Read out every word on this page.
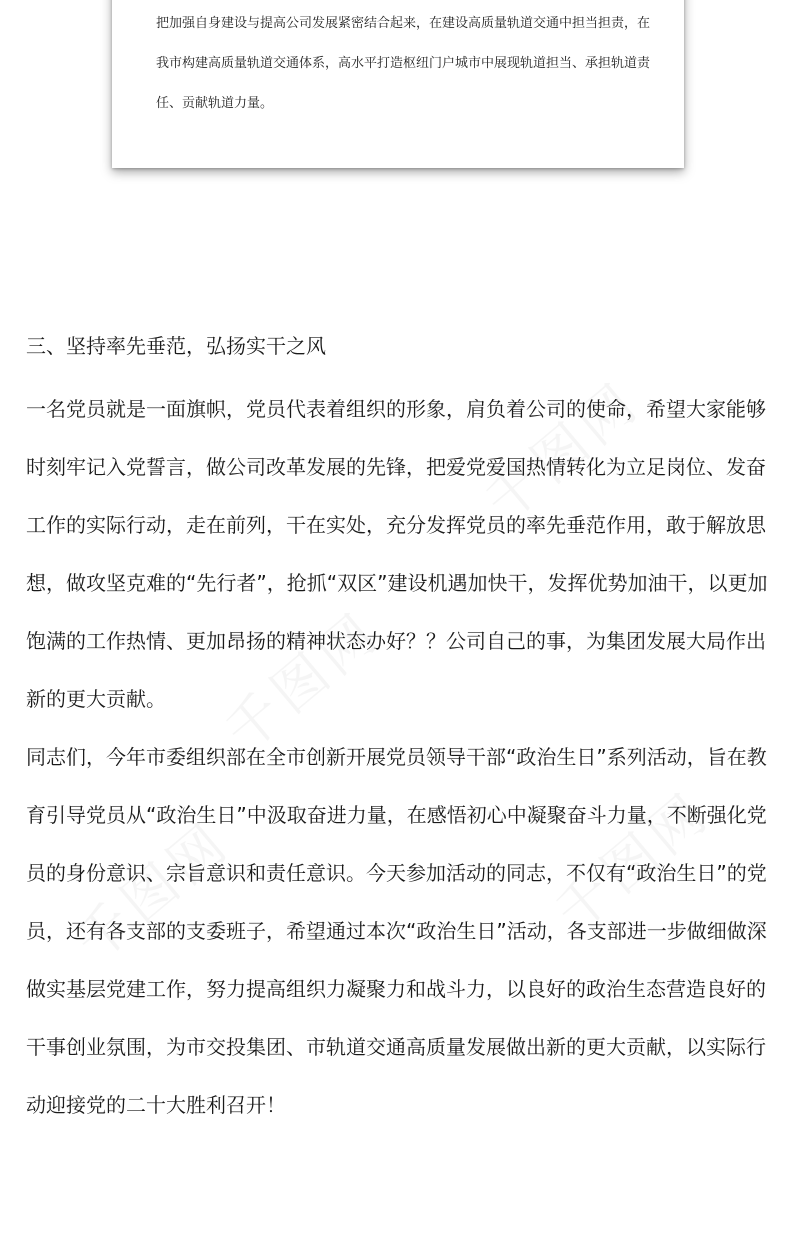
把加强自身建设与提高公司发展紧密结合起来，在建设高质量轨道交通中担当担责，在我市构建高质量轨道交通体系，高水平打造枢纽门户城市中展现轨道担当、承担轨道责任、贡献轨道力量。

千图网
千图网
千图网
千图网
三、坚持率先垂范，弘扬实干之风

一名党员就是一面旗帜，党员代表着组织的形象，肩负着公司的使命，希望大家能够时刻牢记入党誓言，做公司改革发展的先锋，把爱党爱国热情转化为立足岗位、发奋工作的实际行动，走在前列，干在实处，充分发挥党员的率先垂范作用，敢于解放思想，做攻坚克难的“先行者”，抢抓“双区”建设机遇加快干，发挥优势加油干，以更加饱满的工作热情、更加昂扬的精神状态办好？？公司自己的事，为集团发展大局作出新的更大贡献。

同志们，今年市委组织部在全市创新开展党员领导干部“政治生日”系列活动，旨在教育引导党员从“政治生日”中汲取奋进力量，在感悟初心中凝聚奋斗力量，不断强化党员的身份意识、宗旨意识和责任意识。今天参加活动的同志，不仅有“政治生日”的党员，还有各支部的支委班子，希望通过本次“政治生日”活动，各支部进一步做细做深做实基层党建工作，努力提高组织力凝聚力和战斗力，以良好的政治生态营造良好的干事创业氛围，为市交投集团、市轨道交通高质量发展做出新的更大贡献，以实际行动迎接党的二十大胜利召开！
